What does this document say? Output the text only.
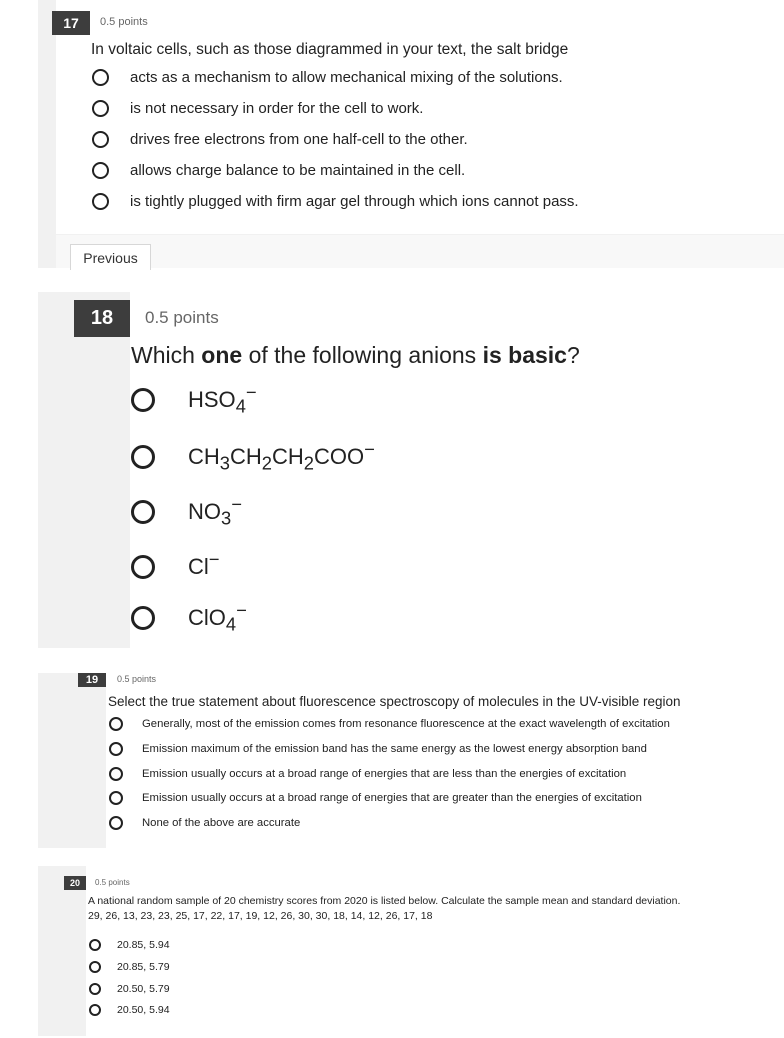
17	0.5 points
In voltaic cells, such as those diagrammed in your text, the salt bridge
acts as a mechanism to allow mechanical mixing of the solutions.
is not necessary in order for the cell to work.
drives free electrons from one half-cell to the other.
allows charge balance to be maintained in the cell.
is tightly plugged with firm agar gel through which ions cannot pass.
Previous
18	0.5 points
Which one of the following anions is basic?
$HSO_4^-$
$CH_3CH_2CH_2COO^-$
$NO_3^-$
Cl−
ClO$_4$−
19	0.5 points
Select the true statement about fluorescence spectroscopy of molecules in the UV-visible region
Generally, most of the emission comes from resonance fluorescence at the exact wavelength of excitation
Emission maximum of the emission band has the same energy as the lowest energy absorption band
Emission usually occurs at a broad range of energies that are less than the energies of excitation
Emission usually occurs at a broad range of energies that are greater than the energies of excitation
None of the above are accurate
20	0.5 points
A national random sample of 20 chemistry scores from 2020 is listed below. Calculate the sample mean and standard deviation.
29, 26, 13, 23, 23, 25, 17, 22, 17, 19, 12, 26, 30, 30, 18, 14, 12, 26, 17, 18
20.85, 5.94
20.85, 5.79
20.50, 5.79
20.50, 5.94
